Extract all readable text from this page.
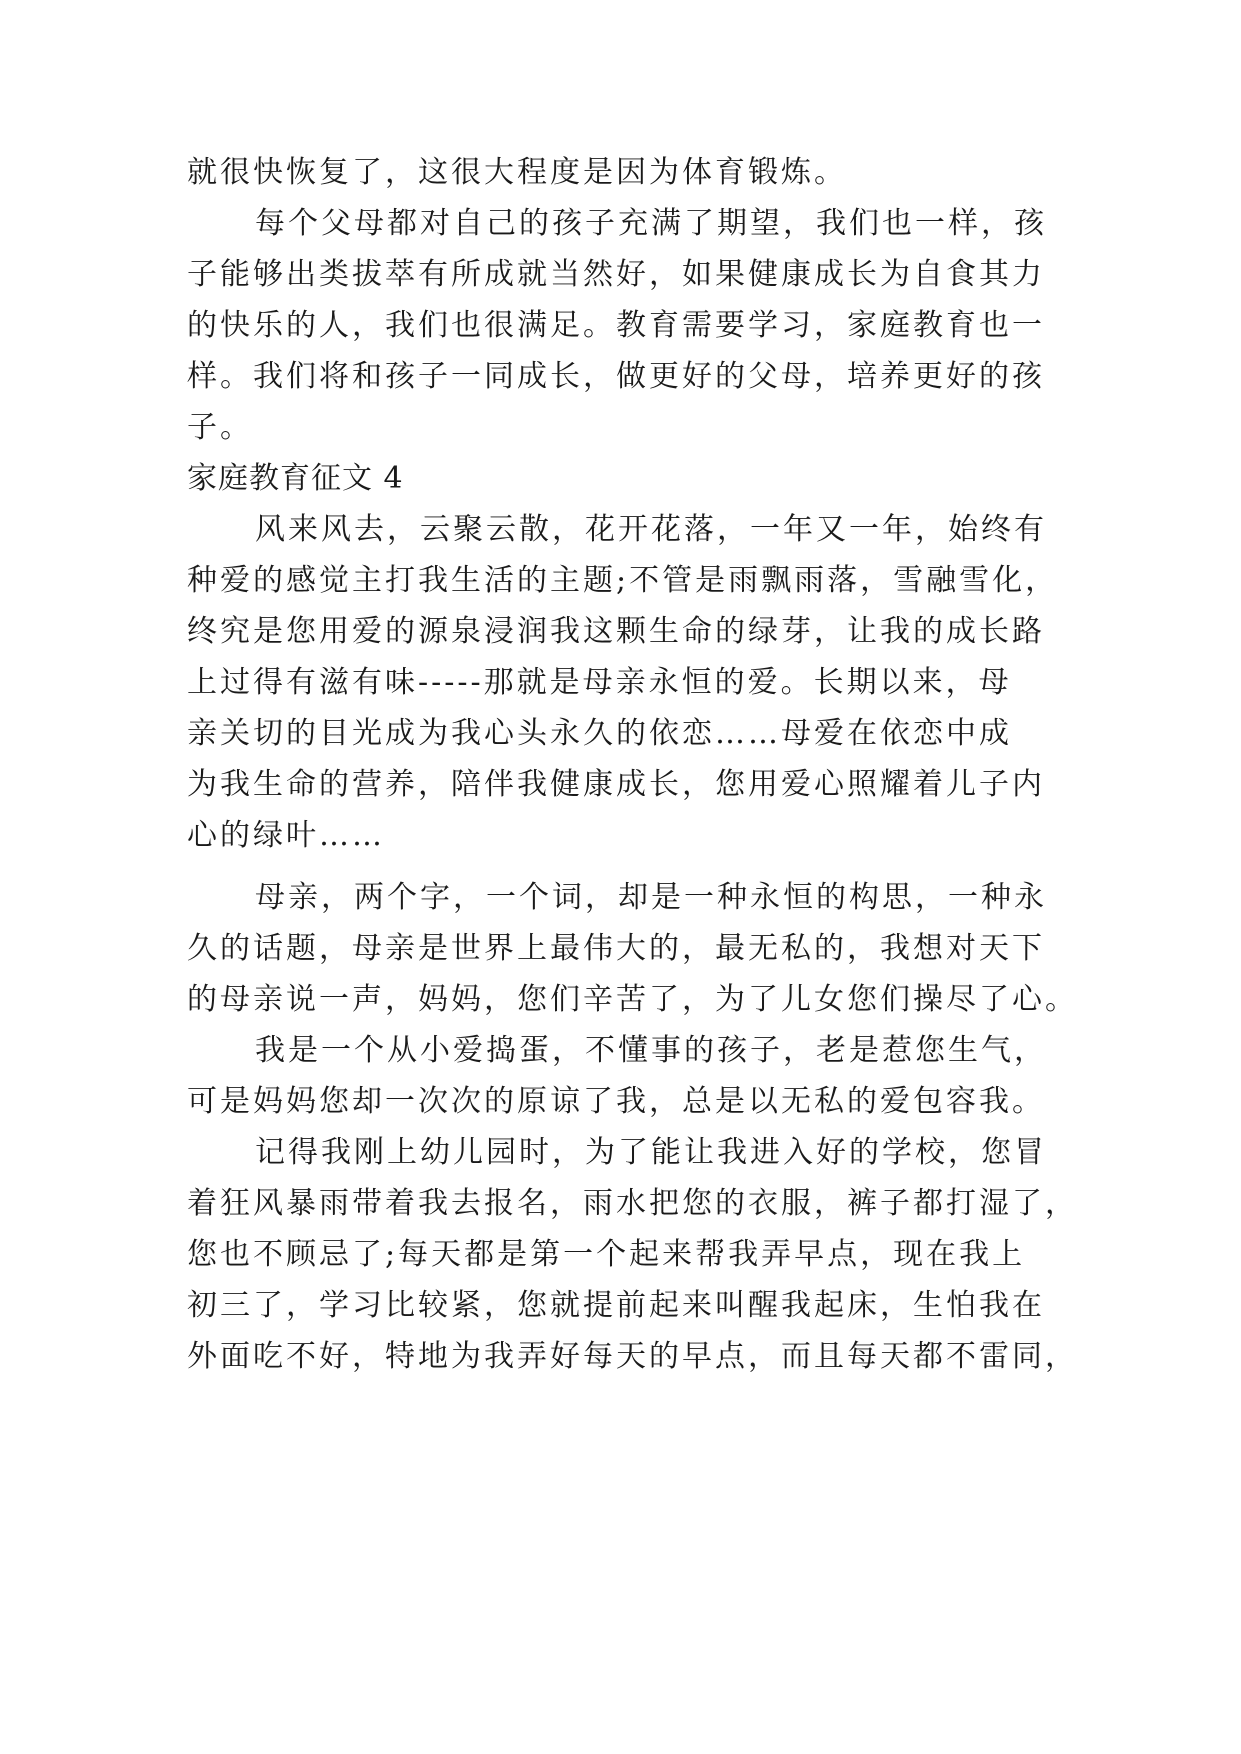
就很快恢复了，这很大程度是因为体育锻炼。
每个父母都对自己的孩子充满了期望，我们也一样，孩
子能够出类拔萃有所成就当然好，如果健康成长为自食其力
的快乐的人，我们也很满足。教育需要学习，家庭教育也一
样。我们将和孩子一同成长，做更好的父母，培养更好的孩
子。
家庭教育征文 4
风来风去，云聚云散，花开花落，一年又一年，始终有
种爱的感觉主打我生活的主题;不管是雨飘雨落，雪融雪化，
终究是您用爱的源泉浸润我这颗生命的绿芽，让我的成长路
上过得有滋有味-----那就是母亲永恒的爱。长期以来，母
亲关切的目光成为我心头永久的依恋……母爱在依恋中成
为我生命的营养，陪伴我健康成长，您用爱心照耀着儿子内
心的绿叶……
母亲，两个字，一个词，却是一种永恒的构思，一种永
久的话题，母亲是世界上最伟大的，最无私的，我想对天下
的母亲说一声，妈妈，您们辛苦了，为了儿女您们操尽了心。
我是一个从小爱捣蛋，不懂事的孩子，老是惹您生气，
可是妈妈您却一次次的原谅了我，总是以无私的爱包容我。
记得我刚上幼儿园时，为了能让我进入好的学校，您冒
着狂风暴雨带着我去报名，雨水把您的衣服，裤子都打湿了，
您也不顾忌了;每天都是第一个起来帮我弄早点，现在我上
初三了，学习比较紧，您就提前起来叫醒我起床，生怕我在
外面吃不好，特地为我弄好每天的早点，而且每天都不雷同，
